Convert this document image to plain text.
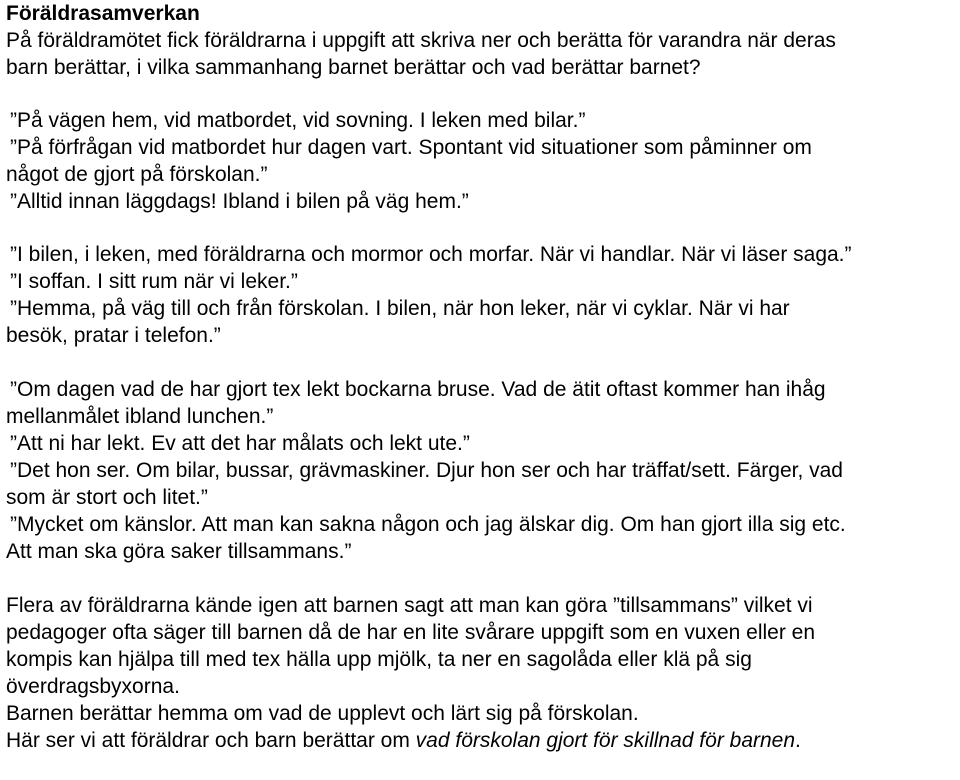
Föräldrasamverkan
På föräldramötet fick föräldrarna i uppgift att skriva ner och berätta för varandra när deras
barn berättar, i vilka sammanhang barnet berättar och vad berättar barnet?
”På vägen hem, vid matbordet, vid sovning. I leken med bilar.”
”På förfrågan vid matbordet hur dagen vart. Spontant vid situationer som påminner om
något de gjort på förskolan.”
”Alltid innan läggdags! Ibland i bilen på väg hem.”
”I bilen, i leken, med föräldrarna och mormor och morfar. När vi handlar. När vi läser saga.”
”I soffan. I sitt rum när vi leker.”
”Hemma, på väg till och från förskolan. I bilen, när hon leker, när vi cyklar. När vi har
besök, pratar i telefon.”
”Om dagen vad de har gjort tex lekt bockarna bruse. Vad de ätit oftast kommer han ihåg
mellanmålet ibland lunchen.”
”Att ni har lekt. Ev att det har målats och lekt ute.”
”Det hon ser. Om bilar, bussar, grävmaskiner. Djur hon ser och har träffat/sett. Färger, vad
som är stort och litet.”
”Mycket om känslor. Att man kan sakna någon och jag älskar dig. Om han gjort illa sig etc.
Att man ska göra saker tillsammans.”
Flera av föräldrarna kände igen att barnen sagt att man kan göra ”tillsammans” vilket vi
pedagoger ofta säger till barnen då de har en lite svårare uppgift som en vuxen eller en
kompis kan hjälpa till med tex hälla upp mjölk, ta ner en sagolåda eller klä på sig
överdragsbyxorna.
Barnen berättar hemma om vad de upplevt och lärt sig på förskolan.
Här ser vi att föräldrar och barn berättar om vad förskolan gjort för skillnad för barnen.
